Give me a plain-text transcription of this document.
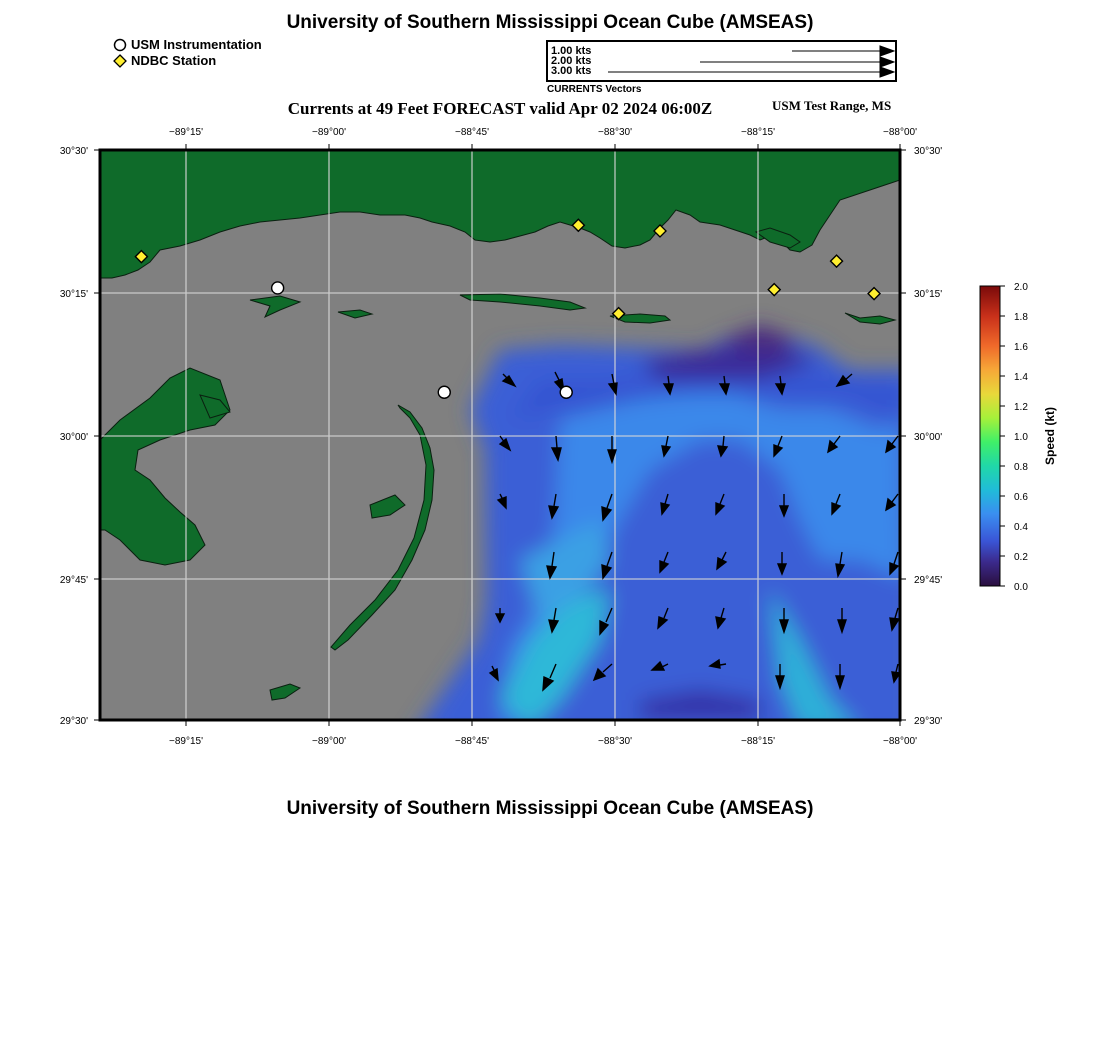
University of Southern Mississippi Ocean Cube (AMSEAS)
USM Instrumentation
NDBC Station
1.00 kts
2.00 kts
3.00 kts
CURRENTS Vectors
Currents at 49 Feet FORECAST valid Apr 02 2024 06:00Z	USM Test Range, MS
−89°15'	−89°00'	−88°45'	−88°30'	−88°15'	−88°00'
−89°15'	−89°00'	−88°45'	−88°30'	−88°15'	−88°00'
30°30'
30°15'
30°00'
29°45'
29°30'
30°30'
30°15'
30°00'
29°45'
29°30'
2.0
1.8
1.6
1.4
1.2
1.0
0.8
0.6
0.4
0.2
0.0
Speed (kt)
University of Southern Mississippi Ocean Cube (AMSEAS)
